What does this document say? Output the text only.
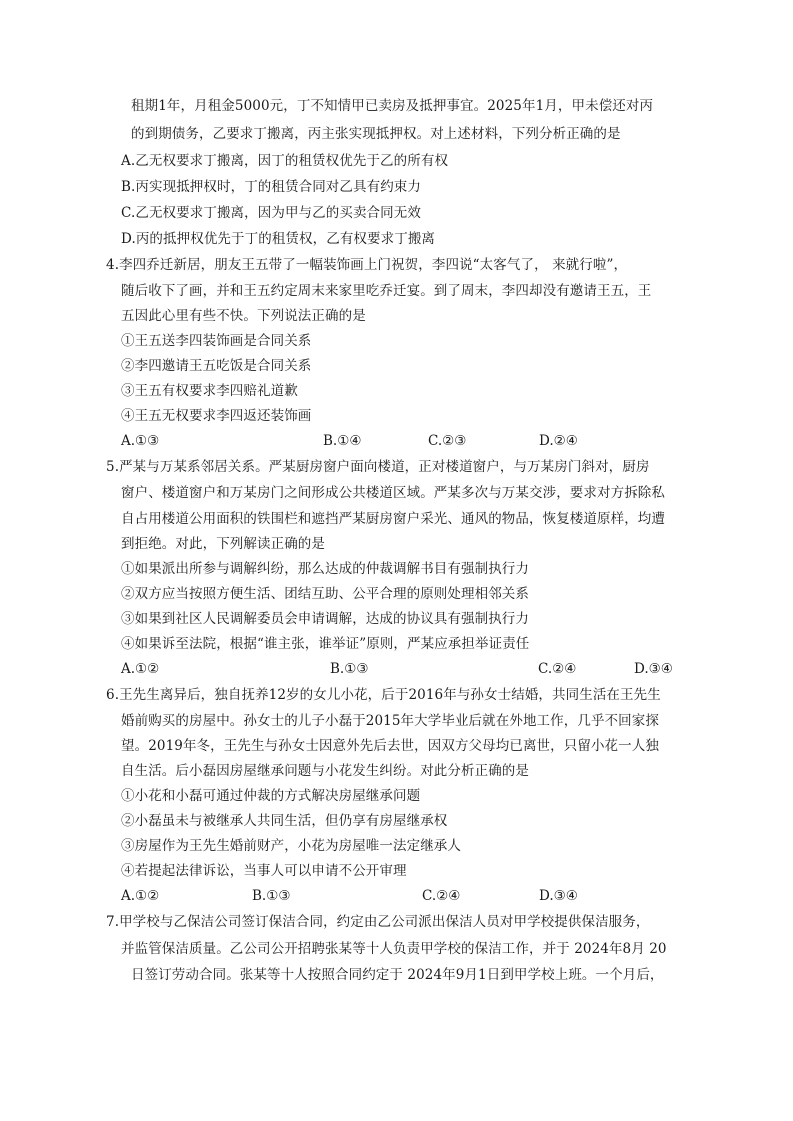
租期1年，月租金5000元，丁不知情甲已卖房及抵押事宜。2025年1月，甲未偿还对丙
的到期债务，乙要求丁搬离，丙主张实现抵押权。对上述材料，下列分析正确的是
A.乙无权要求丁搬离，因丁的租赁权优先于乙的所有权
B.丙实现抵押权时，丁的租赁合同对乙具有约束力
C.乙无权要求丁搬离，因为甲与乙的买卖合同无效
D.丙的抵押权优先于丁的租赁权，乙有权要求丁搬离
4.李四乔迁新居，朋友王五带了一幅装饰画上门祝贺，李四说“太客气了， 来就行啦”，
随后收下了画，并和王五约定周末来家里吃乔迁宴。到了周末，李四却没有邀请王五，王
五因此心里有些不快。下列说法正确的是
①王五送李四装饰画是合同关系
②李四邀请王五吃饭是合同关系
③王五有权要求李四赔礼道歉
④王五无权要求李四返还装饰画
A.①③	B.①④	C.②③	D.②④
5.严某与万某系邻居关系。严某厨房窗户面向楼道，正对楼道窗户，与万某房门斜对，厨房
窗户、楼道窗户和万某房门之间形成公共楼道区域。严某多次与万某交涉，要求对方拆除私
自占用楼道公用面积的铁围栏和遮挡严某厨房窗户采光、通风的物品，恢复楼道原样，均遭
到拒绝。对此，下列解读正确的是
①如果派出所参与调解纠纷，那么达成的仲裁调解书目有强制执行力
②双方应当按照方便生活、团结互助、公平合理的原则处理相邻关系
③如果到社区人民调解委员会申请调解，达成的协议具有强制执行力
④如果诉至法院，根据“谁主张，谁举证”原则，严某应承担举证责任
A.①②	B.①③	C.②④	D.③④
6.王先生离异后，独自抚养12岁的女儿小花，后于2016年与孙女士结婚，共同生活在王先生
婚前购买的房屋中。孙女士的儿子小磊于2015年大学毕业后就在外地工作，几乎不回家探
望。2019年冬，王先生与孙女士因意外先后去世，因双方父母均已离世，只留小花一人独
自生活。后小磊因房屋继承问题与小花发生纠纷。对此分析正确的是
①小花和小磊可通过仲裁的方式解决房屋继承问题
②小磊虽未与被继承人共同生活，但仍享有房屋继承权
③房屋作为王先生婚前财产，小花为房屋唯一法定继承人
④若提起法律诉讼，当事人可以申请不公开审理
A.①②	B.①③	C.②④	D.③④
7.甲学校与乙保洁公司签订保洁合同，约定由乙公司派出保洁人员对甲学校提供保洁服务，
并监管保洁质量。乙公司公开招聘张某等十人负责甲学校的保洁工作，并于 2024年8月 20
日签订劳动合同。张某等十人按照合同约定于 2024年9月1日到甲学校上班。一个月后，
